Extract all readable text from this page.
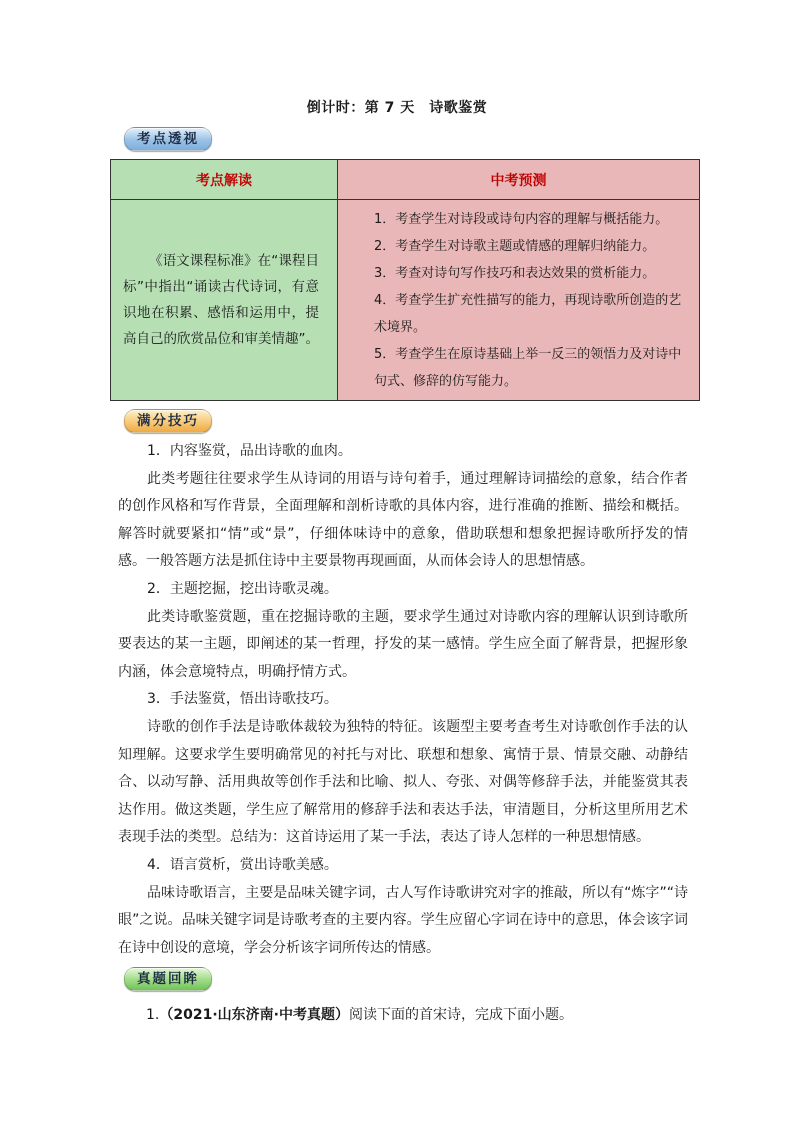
倒计时：第 7 天　诗歌鉴赏
考点透视
考点解读	中考预测

《语文课程标准》在“课程目标”中指出“诵读古代诗词，有意识地在积累、感悟和运用中，提高自己的欣赏品位和审美情趣”。	1．考查学生对诗段或诗句内容的理解与概括能力。
2．考查学生对诗歌主题或情感的理解归纳能力。
3．考查对诗句写作技巧和表达效果的赏析能力。
4．考查学生扩充性描写的能力，再现诗歌所创造的艺术境界。
5．考查学生在原诗基础上举一反三的领悟力及对诗中句式、修辞的仿写能力。
满分技巧

1．内容鉴赏，品出诗歌的血肉。

此类考题往往要求学生从诗词的用语与诗句着手，通过理解诗词描绘的意象，结合作者的创作风格和写作背景，全面理解和剖析诗歌的具体内容，进行准确的推断、描绘和概括。解答时就要紧扣“情”或“景”，仔细体味诗中的意象，借助联想和想象把握诗歌所抒发的情感。一般答题方法是抓住诗中主要景物再现画面，从而体会诗人的思想情感。

2．主题挖掘，挖出诗歌灵魂。

此类诗歌鉴赏题，重在挖掘诗歌的主题，要求学生通过对诗歌内容的理解认识到诗歌所要表达的某一主题，即阐述的某一哲理，抒发的某一感情。学生应全面了解背景，把握形象内涵，体会意境特点，明确抒情方式。

3．手法鉴赏，悟出诗歌技巧。

诗歌的创作手法是诗歌体裁较为独特的特征。该题型主要考查考生对诗歌创作手法的认知理解。这要求学生要明确常见的衬托与对比、联想和想象、寓情于景、情景交融、动静结合、以动写静、活用典故等创作手法和比喻、拟人、夸张、对偶等修辞手法，并能鉴赏其表达作用。做这类题，学生应了解常用的修辞手法和表达手法，审清题目，分析这里所用艺术表现手法的类型。总结为：这首诗运用了某一手法，表达了诗人怎样的一种思想情感。

4．语言赏析，赏出诗歌美感。

品味诗歌语言，主要是品味关键字词，古人写作诗歌讲究对字的推敲，所以有“炼字”“诗眼”之说。品味关键字词是诗歌考查的主要内容。学生应留心字词在诗中的意思，体会该字词在诗中创设的意境，学会分析该字词所传达的情感。

真题回眸
1.（2021·山东济南·中考真题）阅读下面的首宋诗，完成下面小题。
